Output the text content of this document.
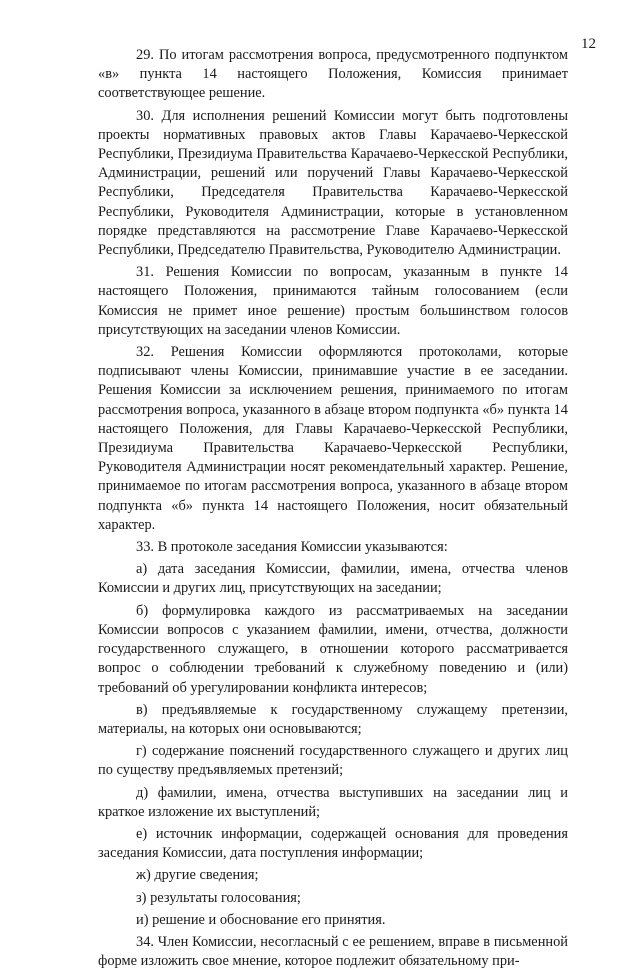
12

29. По итогам рассмотрения вопроса, предусмотренного подпунктом «в» пункта 14 настоящего Положения, Комиссия принимает соответствующее решение.

30. Для исполнения решений Комиссии могут быть подготовлены проекты нормативных правовых актов Главы Карачаево-Черкесской Республики, Президиума Правительства Карачаево-Черкесской Республики, Администрации, решений или поручений Главы Карачаево-Черкесской Республики, Председателя Правительства Карачаево-Черкесской Республики, Руководителя Администрации, которые в установленном порядке представляются на рассмотрение Главе Карачаево-Черкесской Республики, Председателю Правительства, Руководителю Администрации.

31. Решения Комиссии по вопросам, указанным в пункте 14 настоящего Положения, принимаются тайным голосованием (если Комиссия не примет иное решение) простым большинством голосов присутствующих на заседании членов Комиссии.

32. Решения Комиссии оформляются протоколами, которые подписывают члены Комиссии, принимавшие участие в ее заседании. Решения Комиссии за исключением решения, принимаемого по итогам рассмотрения вопроса, указанного в абзаце втором подпункта «б» пункта 14 настоящего Положения, для Главы Карачаево-Черкесской Республики, Президиума Правительства Карачаево-Черкесской Республики, Руководителя Администрации носят рекомендательный характер. Решение, принимаемое по итогам рассмотрения вопроса, указанного в абзаце втором подпункта «б» пункта 14 настоящего Положения, носит обязательный характер.

33. В протоколе заседания Комиссии указываются:

а) дата заседания Комиссии, фамилии, имена, отчества членов Комиссии и других лиц, присутствующих на заседании;

б) формулировка каждого из рассматриваемых на заседании Комиссии вопросов с указанием фамилии, имени, отчества, должности государственного служащего, в отношении которого рассматривается вопрос о соблюдении требований к служебному поведению и (или) требований об урегулировании конфликта интересов;

в) предъявляемые к государственному служащему претензии, материалы, на которых они основываются;

г) содержание пояснений государственного служащего и других лиц по существу предъявляемых претензий;

д) фамилии, имена, отчества выступивших на заседании лиц и краткое изложение их выступлений;

е) источник информации, содержащей основания для проведения заседания Комиссии, дата поступления информации;

ж) другие сведения;

з) результаты голосования;

и) решение и обоснование его принятия.

34. Член Комиссии, несогласный с ее решением, вправе в письменной форме изложить свое мнение, которое подлежит обязательному при-
